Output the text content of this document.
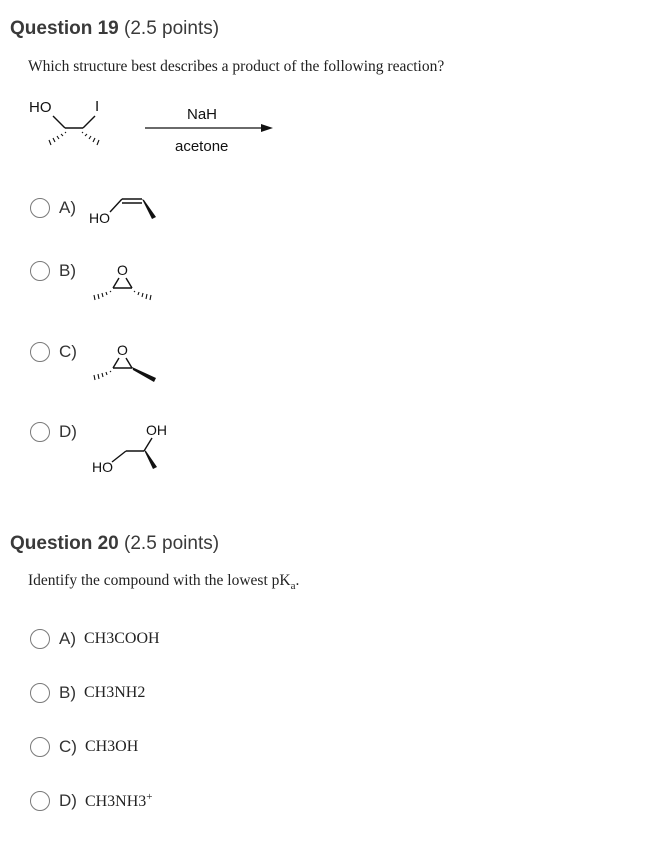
Question 19 (2.5 points)
Which structure best describes a product of the following reaction?
HO	I	NaH
acetone
A)
HO
B)	O
C)	O
D)	OH
HO
Question 20 (2.5 points)
Identify the compound with the lowest $pK_a$.
A) CH3COOH
B) CH3NH2
C) CH3OH
D) CH3NH3+
